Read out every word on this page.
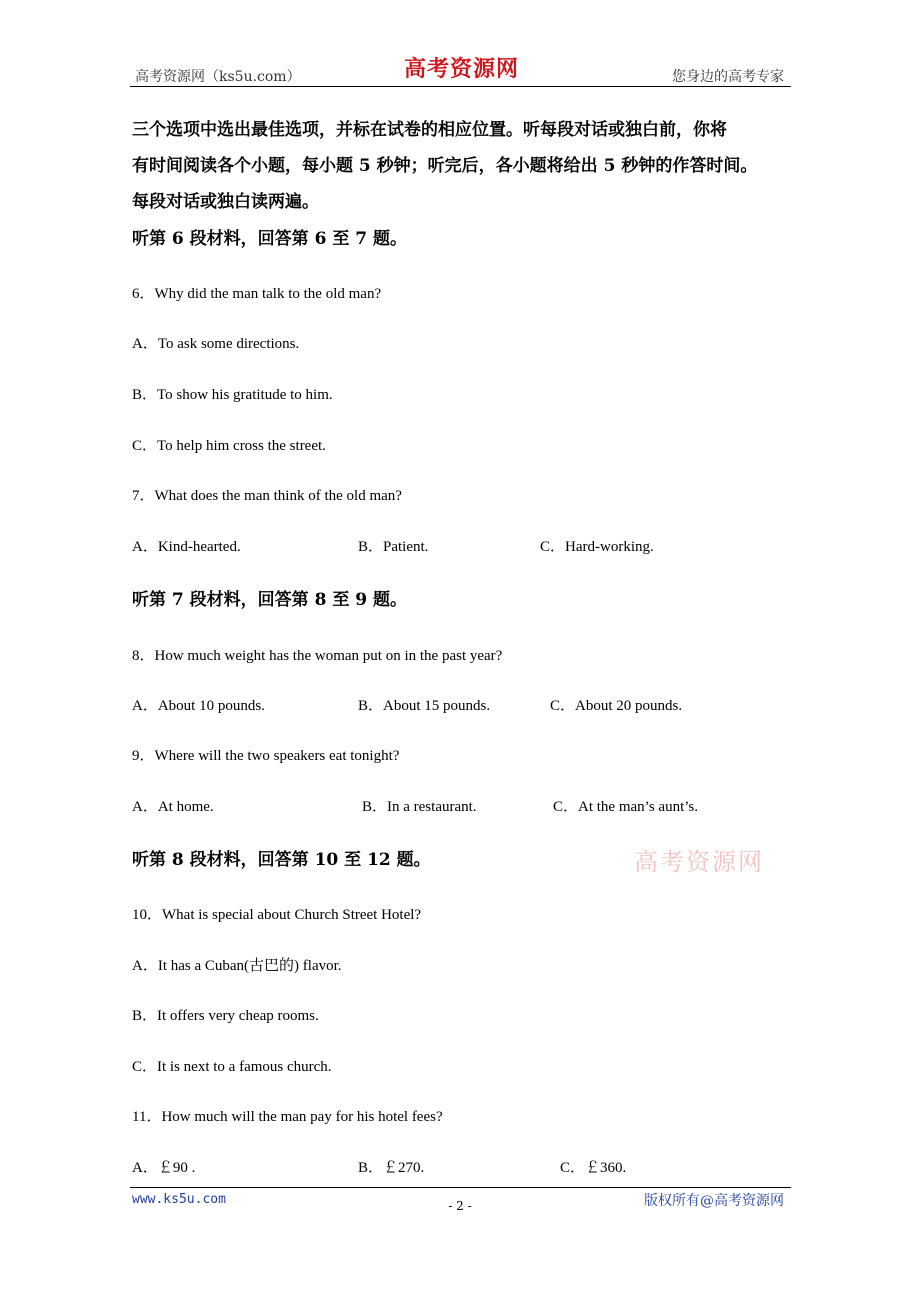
高考资源网（ks5u.com）	高考资源网	您身边的高考专家
三个选项中选出最佳选项，并标在试卷的相应位置。听每段对话或独白前，你将
有时间阅读各个小题，每小题 5 秒钟；听完后，各小题将给出 5 秒钟的作答时间。
每段对话或独白读两遍。
听第 6 段材料，回答第 6 至 7 题。
6．Why did the man talk to the old man?
A．To ask some directions.
B．To show his gratitude to him.
C．To help him cross the street.
7．What does the man think of the old man?
A．Kind-hearted.	B．Patient.	C．Hard-working.
听第 7 段材料，回答第 8 至 9 题。
8．How much weight has the woman put on in the past year?
A．About 10 pounds.	B．About 15 pounds.	C．About 20 pounds.
9．Where will the two speakers eat tonight?
A．At home.	B．In a restaurant.	C．At the man’s aunt’s.
听第 8 段材料，回答第 10 至 12 题。	高考资源网
10．What is special about Church Street Hotel?
A．It has a Cuban(古巴的) flavor.
B．It offers very cheap rooms.
C．It is next to a famous church.
11．How much will the man pay for his hotel fees?
A．￡90 .	B．￡270.	C．￡360.
www.ks5u.com	- 2 -	版权所有@高考资源网
